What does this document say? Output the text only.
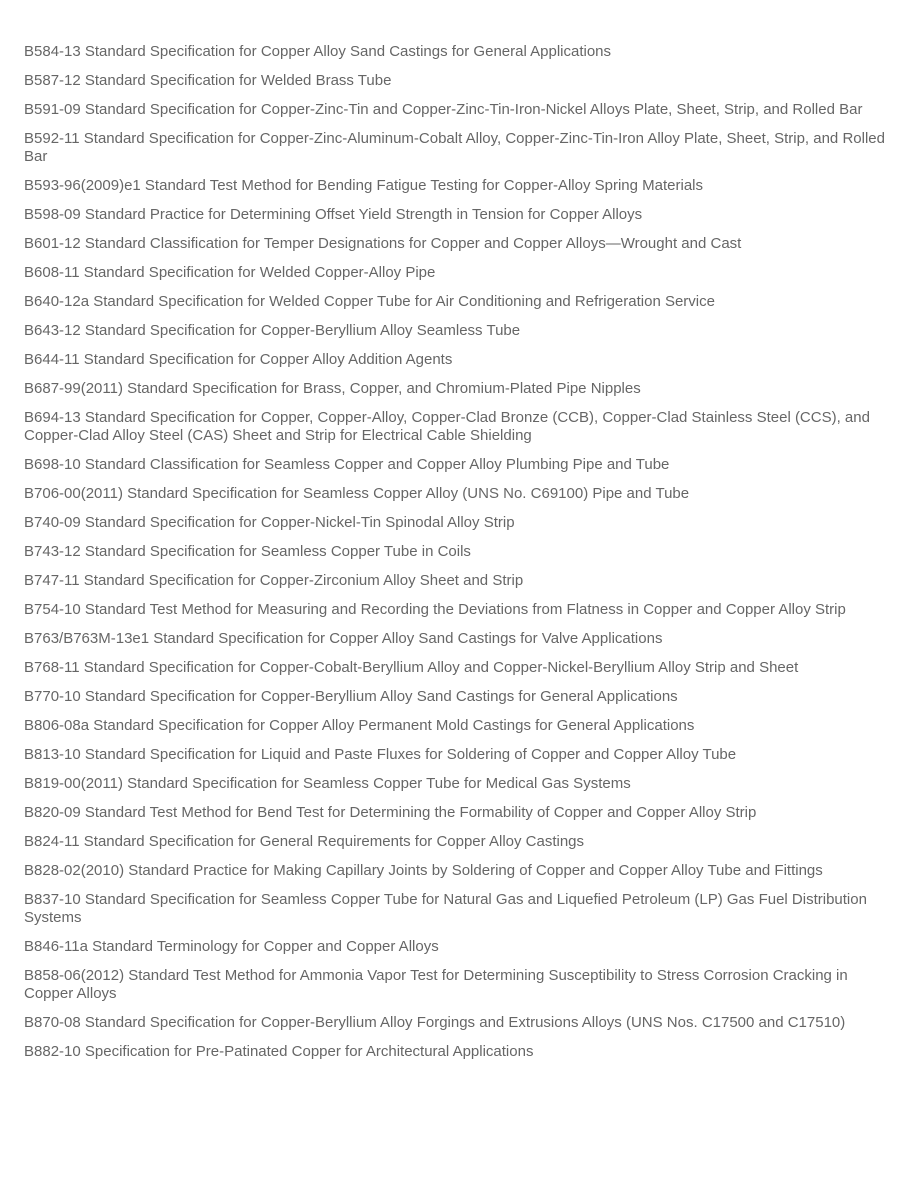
B584-13 Standard Specification for Copper Alloy Sand Castings for General Applications

B587-12 Standard Specification for Welded Brass Tube

B591-09 Standard Specification for Copper-Zinc-Tin and Copper-Zinc-Tin-Iron-Nickel Alloys Plate, Sheet, Strip, and Rolled Bar

B592-11 Standard Specification for Copper-Zinc-Aluminum-Cobalt Alloy, Copper-Zinc-Tin-Iron Alloy Plate, Sheet, Strip, and Rolled Bar

B593-96(2009)e1 Standard Test Method for Bending Fatigue Testing for Copper-Alloy Spring Materials

B598-09 Standard Practice for Determining Offset Yield Strength in Tension for Copper Alloys

B601-12 Standard Classification for Temper Designations for Copper and Copper Alloys—Wrought and Cast

B608-11 Standard Specification for Welded Copper-Alloy Pipe

B640-12a Standard Specification for Welded Copper Tube for Air Conditioning and Refrigeration Service

B643-12 Standard Specification for Copper-Beryllium Alloy Seamless Tube

B644-11 Standard Specification for Copper Alloy Addition Agents

B687-99(2011) Standard Specification for Brass, Copper, and Chromium-Plated Pipe Nipples

B694-13 Standard Specification for Copper, Copper-Alloy, Copper-Clad Bronze (CCB), Copper-Clad Stainless Steel (CCS), and Copper-Clad Alloy Steel (CAS) Sheet and Strip for Electrical Cable Shielding

B698-10 Standard Classification for Seamless Copper and Copper Alloy Plumbing Pipe and Tube

B706-00(2011) Standard Specification for Seamless Copper Alloy (UNS No. C69100) Pipe and Tube

B740-09 Standard Specification for Copper-Nickel-Tin Spinodal Alloy Strip

B743-12 Standard Specification for Seamless Copper Tube in Coils

B747-11 Standard Specification for Copper-Zirconium Alloy Sheet and Strip

B754-10 Standard Test Method for Measuring and Recording the Deviations from Flatness in Copper and Copper Alloy Strip

B763/B763M-13e1 Standard Specification for Copper Alloy Sand Castings for Valve Applications

B768-11 Standard Specification for Copper-Cobalt-Beryllium Alloy and Copper-Nickel-Beryllium Alloy Strip and Sheet

B770-10 Standard Specification for Copper-Beryllium Alloy Sand Castings for General Applications

B806-08a Standard Specification for Copper Alloy Permanent Mold Castings for General Applications

B813-10 Standard Specification for Liquid and Paste Fluxes for Soldering of Copper and Copper Alloy Tube

B819-00(2011) Standard Specification for Seamless Copper Tube for Medical Gas Systems

B820-09 Standard Test Method for Bend Test for Determining the Formability of Copper and Copper Alloy Strip

B824-11 Standard Specification for General Requirements for Copper Alloy Castings

B828-02(2010) Standard Practice for Making Capillary Joints by Soldering of Copper and Copper Alloy Tube and Fittings

B837-10 Standard Specification for Seamless Copper Tube for Natural Gas and Liquefied Petroleum (LP) Gas Fuel Distribution Systems

B846-11a Standard Terminology for Copper and Copper Alloys

B858-06(2012) Standard Test Method for Ammonia Vapor Test for Determining Susceptibility to Stress Corrosion Cracking in Copper Alloys

B870-08 Standard Specification for Copper-Beryllium Alloy Forgings and Extrusions Alloys (UNS Nos. C17500 and C17510)

B882-10 Specification for Pre-Patinated Copper for Architectural Applications
